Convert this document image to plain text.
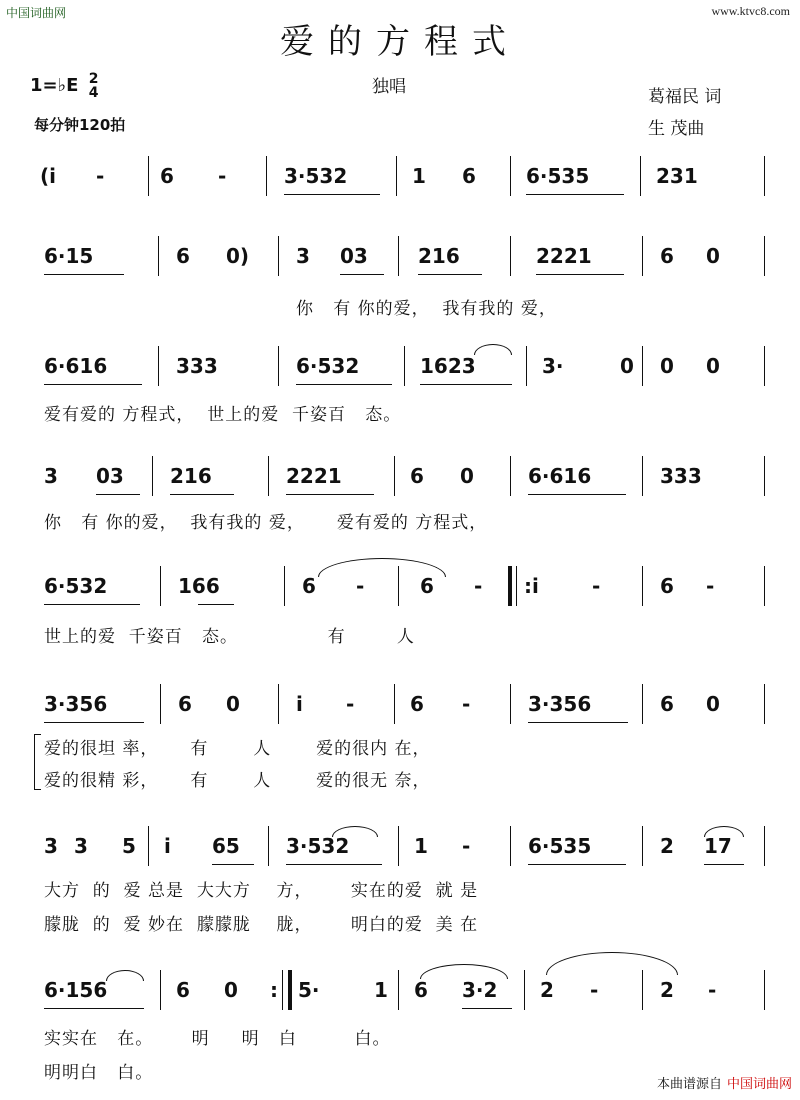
中国词曲网	www.ktvc8.com
爱的方程式
1=♭E 2
4
每分钟120拍
独唱	葛福民 词
生 茂曲
(i -	6 -	3·532	1 6	6·535	231
6·15	6 0) 3 03	216	2221	6 0
你   有 你的爱，  我有我的 爱，
6·616	333	6·532	1623	3·	0 0 0
爱有爱的 方程式，  世上的爱  千姿百   态。
3 03 216	2221	6 0	6·616	333
你   有 你的爱，  我有我的 爱，     爱有爱的 方程式，
6·532	166	6 -	6 - :i	-	6 -
世上的爱  千姿百   态。              有        人
3·356	6 0	i -	6 -	3·356	6 0
爱的很坦 率，     有       人       爱的很内 在，
爱的很精 彩，     有       人       爱的很无 奈，
3 3 5 i 65 3·532	1 -	6·535	2 17
大方  的  爱 总是  大大方    方，      实在的爱  就 是
朦胧  的  爱 妙在  朦朦胧    胧，      明白的爱  美 在
6·156	6 0 : 5·	1 6 3·2 2 -	2 -
实实在   在。      明     明   白         白。
明明白   白。
本曲谱源自 中国词曲网
